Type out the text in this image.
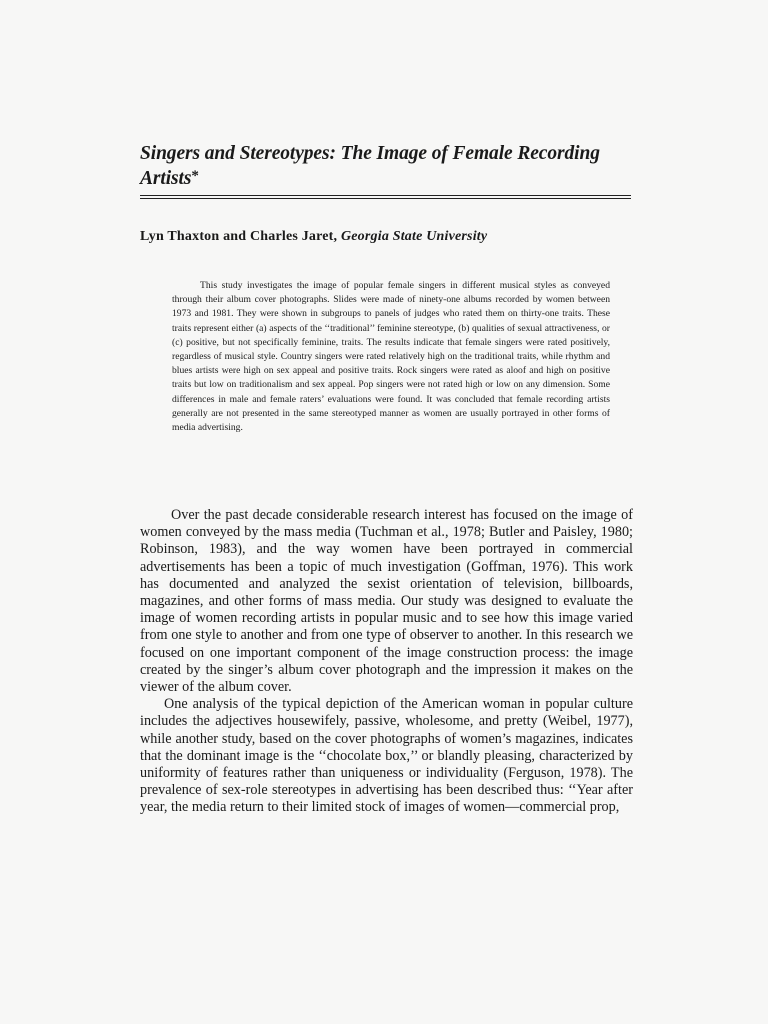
Singers and Stereotypes: The Image of Female Recording Artists*
Lyn Thaxton and Charles Jaret, Georgia State University

This study investigates the image of popular female singers in different musical styles as conveyed through their album cover photographs. Slides were made of ninety-one albums recorded by women between 1973 and 1981. They were shown in subgroups to panels of judges who rated them on thirty-one traits. These traits represent either (a) aspects of the ‘‘traditional’’ feminine stereotype, (b) qualities of sexual attractiveness, or (c) positive, but not specifically feminine, traits. The results indicate that female singers were rated positively, regardless of musical style. Country singers were rated relatively high on the traditional traits, while rhythm and blues artists were high on sex appeal and positive traits. Rock singers were rated as aloof and high on positive traits but low on traditionalism and sex appeal. Pop singers were not rated high or low on any dimension. Some differences in male and female raters’ evaluations were found. It was concluded that female recording artists generally are not presented in the same stereotyped manner as women are usually portrayed in other forms of media advertising.

Over the past decade considerable research interest has focused on the image of women conveyed by the mass media (Tuchman et al., 1978; Butler and Paisley, 1980; Robinson, 1983), and the way women have been portrayed in commercial advertisements has been a topic of much investigation (Goffman, 1976). This work has documented and analyzed the sexist orientation of television, billboards, magazines, and other forms of mass media. Our study was designed to evaluate the image of women recording artists in popular music and to see how this image varied from one style to another and from one type of observer to another. In this research we focused on one important component of the image construction process: the image created by the singer’s album cover photograph and the impression it makes on the viewer of the album cover.

One analysis of the typical depiction of the American woman in popular culture includes the adjectives housewifely, passive, wholesome, and pretty (Weibel, 1977), while another study, based on the cover photographs of women’s magazines, indicates that the dominant image is the ‘‘chocolate box,’’ or blandly pleasing, characterized by uniformity of features rather than uniqueness or individuality (Ferguson, 1978). The prevalence of sex-role stereotypes in advertising has been described thus: ‘‘Year after year, the media return to their limited stock of images of women—commercial prop,
